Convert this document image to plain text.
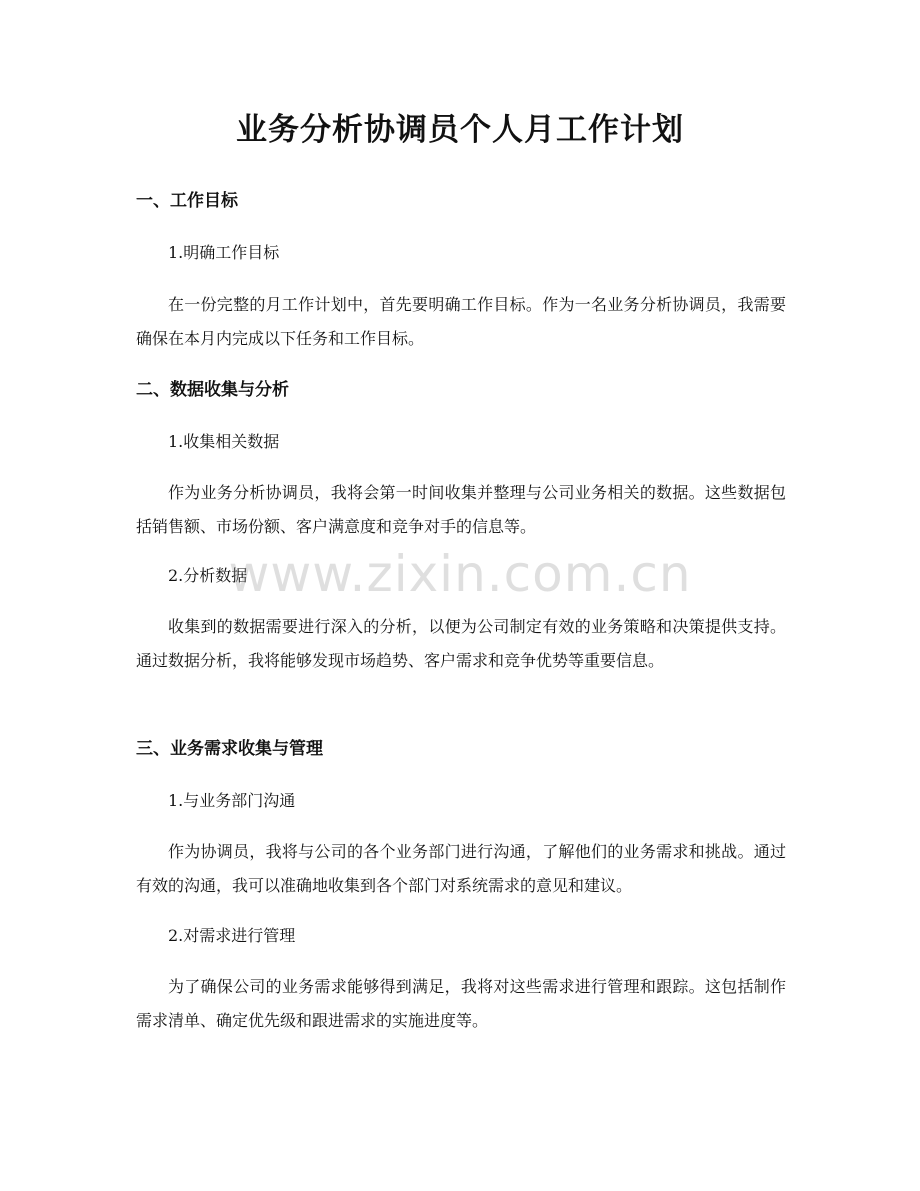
业务分析协调员个人月工作计划
一、工作目标

1.明确工作目标

在一份完整的月工作计划中，首先要明确工作目标。作为一名业务分析协调员，我需要确保在本月内完成以下任务和工作目标。

二、数据收集与分析

1.收集相关数据

作为业务分析协调员，我将会第一时间收集并整理与公司业务相关的数据。这些数据包括销售额、市场份额、客户满意度和竞争对手的信息等。

2.分析数据

收集到的数据需要进行深入的分析，以便为公司制定有效的业务策略和决策提供支持。通过数据分析，我将能够发现市场趋势、客户需求和竞争优势等重要信息。

三、业务需求收集与管理

1.与业务部门沟通

作为协调员，我将与公司的各个业务部门进行沟通，了解他们的业务需求和挑战。通过有效的沟通，我可以准确地收集到各个部门对系统需求的意见和建议。

2.对需求进行管理

为了确保公司的业务需求能够得到满足，我将对这些需求进行管理和跟踪。这包括制作需求清单、确定优先级和跟进需求的实施进度等。

www.zixin.com.cn
